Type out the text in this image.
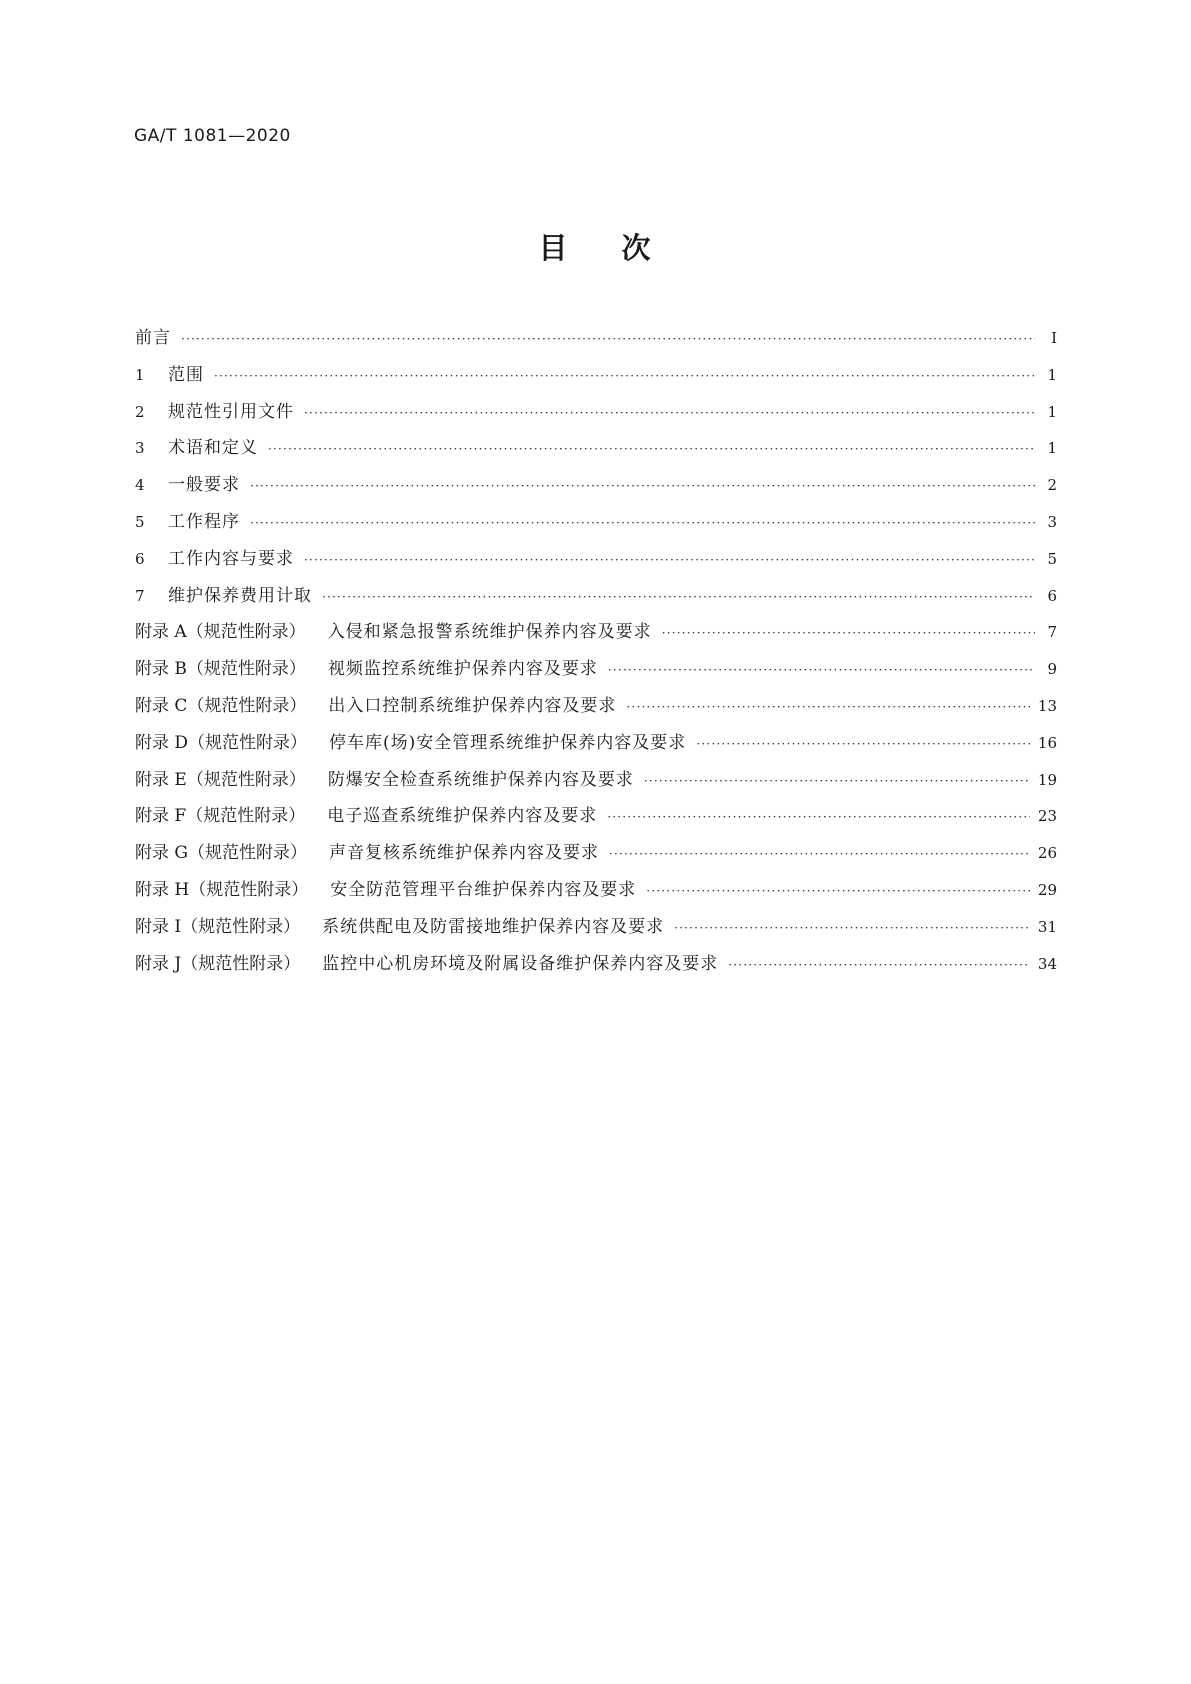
GA/T 1081—2020
目 次
前言 ·····	Ⅰ
1	范围 ·····	1
2	规范性引用文件 ·····	1
3	术语和定义 ·····	1
4	一般要求 ·····	2
5	工作程序 ·····	3
6	工作内容与要求 ·····	5
7	维护保养费用计取 ·····	6
附录 A（规范性附录） 入侵和紧急报警系统维护保养内容及要求 ·····	7
附录 B（规范性附录） 视频监控系统维护保养内容及要求 ·····	9
附录 C（规范性附录） 出入口控制系统维护保养内容及要求 ·····	13
附录 D（规范性附录） 停车库(场)安全管理系统维护保养内容及要求 ·····	16
附录 E（规范性附录） 防爆安全检查系统维护保养内容及要求 ·····	19
附录 F（规范性附录） 电子巡查系统维护保养内容及要求 ·····	23
附录 G（规范性附录） 声音复核系统维护保养内容及要求 ·····	26
附录 H（规范性附录） 安全防范管理平台维护保养内容及要求 ·····	29
附录 I（规范性附录） 系统供配电及防雷接地维护保养内容及要求 ·····	31
附录 J（规范性附录） 监控中心机房环境及附属设备维护保养内容及要求 ·····	34
